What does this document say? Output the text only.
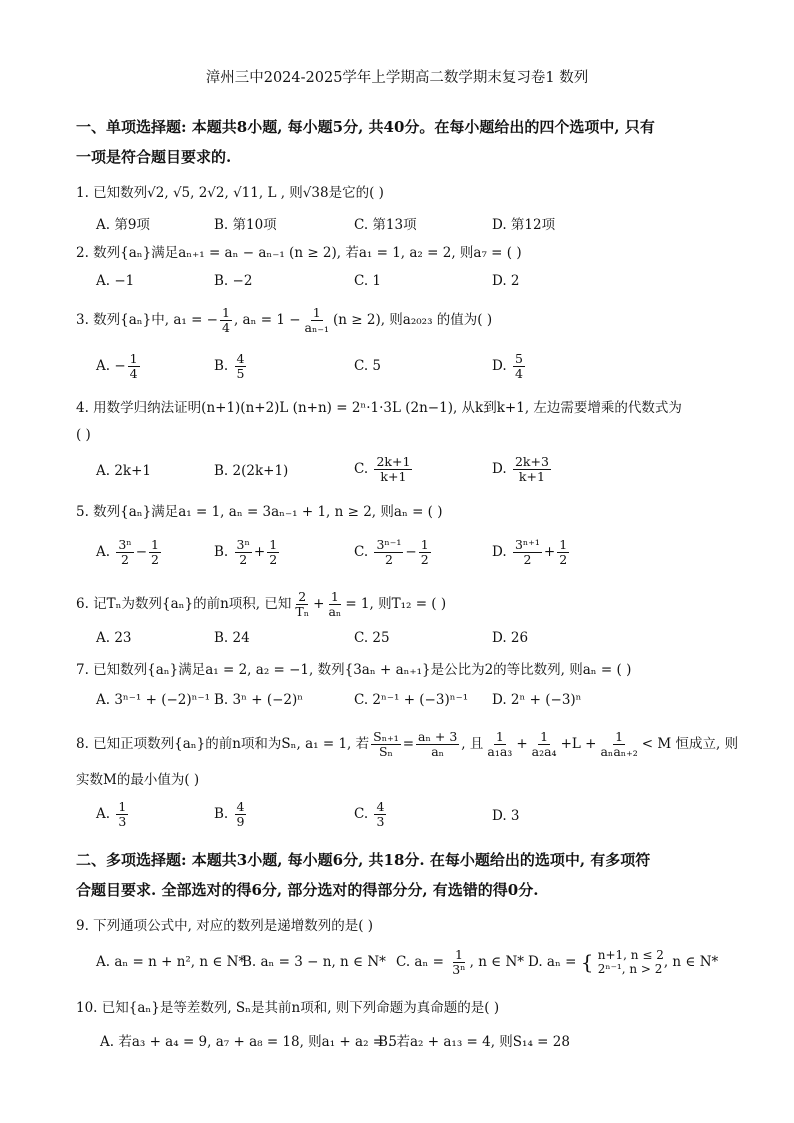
漳州三中2024-2025学年上学期高二数学期末复习卷1 数列
一、单项选择题: 本题共8小题, 每小题5分, 共40分。在每小题给出的四个选项中, 只有
一项是符合题目要求的.
1. 已知数列√2, √5, 2√2, √11, L , 则√38是它的( )
A. 第9项	B. 第10项	C. 第13项	D. 第12项
2. 数列{aₙ}满足aₙ₊₁ = aₙ − aₙ₋₁ (n ≥ 2), 若a₁ = 1, a₂ = 2, 则a₇ = ( )
A. −1	B. −2	C. 1	D. 2
3. 数列{aₙ}中, a₁ = − $\frac{1}{4}$ , $a_n = 1 - \frac{1}{\text{aₙ₋₁}} (n \ge 2)$, 则a₂₀₂₃ 的值为( )
A. − $\frac{1}{4}$	B. $\frac{4}{5}$	C. 5	D. $\frac{5}{4}$
4. 用数学归纳法证明(n+1)(n+2)L (n+n) = 2ⁿ·1·3L (2n−1), 从k到k+1, 左边需要增乘的代数式为
( )
A. 2k+1	B. 2(2k+1)	C. $\frac{2k+1}{k+1}$	D. $\frac{2k+3}{k+1}$
5. 数列{aₙ}满足a₁ = 1, aₙ = 3aₙ₋₁ + 1, n ≥ 2, 则aₙ = ( )
A. $\frac{\text{3ⁿ}}{2} - \frac{1}{2}$	B. $\frac{\text{3ⁿ}}{2} + \frac{1}{2}$	C. $\frac{\text{3ⁿ⁻¹}}{2} - \frac{1}{2}$	D. $\frac{\text{3ⁿ⁺¹}}{2} + \frac{1}{2}$
6. 记Tₙ为数列{aₙ}的前n项积, 已知 $\frac{2}{\text{Tₙ}} + \frac{1}{\text{aₙ}} = 1$, 则T₁₂ = ( )
A. 23	B. 24	C. 25	D. 26
7. 已知数列{aₙ}满足a₁ = 2, a₂ = −1, 数列{3aₙ + aₙ₊₁}是公比为2的等比数列, 则aₙ = ( )
A. 3ⁿ⁻¹ + (−2)ⁿ⁻¹ B. 3ⁿ + (−2)ⁿ	C. 2ⁿ⁻¹ + (−3)ⁿ⁻¹ D. 2ⁿ + (−3)ⁿ
8. 已知正项数列{aₙ}的前n项和为Sₙ, a₁ = 1, 若 $\frac{\text{Sₙ₊₁}}{\text{Sₙ}} = \frac{\text{aₙ + 3}}{\text{aₙ}}$ , 且 $\frac{1}{\text{a₁a₃}} + \frac{1}{\text{a₂a₄}} +L + \frac{1}{\text{aₙaₙ₊₂}} < M$ 恒成立, 则
实数M的最小值为( )
A. $\frac{1}{3}$	B. $\frac{4}{9}$	C. $\frac{4}{3}$	D. 3
二、多项选择题: 本题共3小题, 每小题6分, 共18分. 在每小题给出的选项中, 有多项符
合题目要求. 全部选对的得6分, 部分选对的得部分分, 有选错的得0分.
9. 下列通项公式中, 对应的数列是递增数列的是( )
A. aₙ = n + n², n ∈ N*
B. aₙ = 3 − n, n ∈ N* C. $a_n = \frac{1}{\text{3ⁿ}}$ , n ∈ N* D. aₙ = { n+1, n ≤ 2
2ⁿ⁻¹, n > 2 , n ∈ N*
10. 已知{aₙ}是等差数列, Sₙ是其前n项和, 则下列命题为真命题的是( )
A. 若a₃ + a₄ = 9, a₇ + a₈ = 18, 则a₁ + a₂ = 5
B. 若a₂ + a₁₃ = 4, 则S₁₄ = 28
